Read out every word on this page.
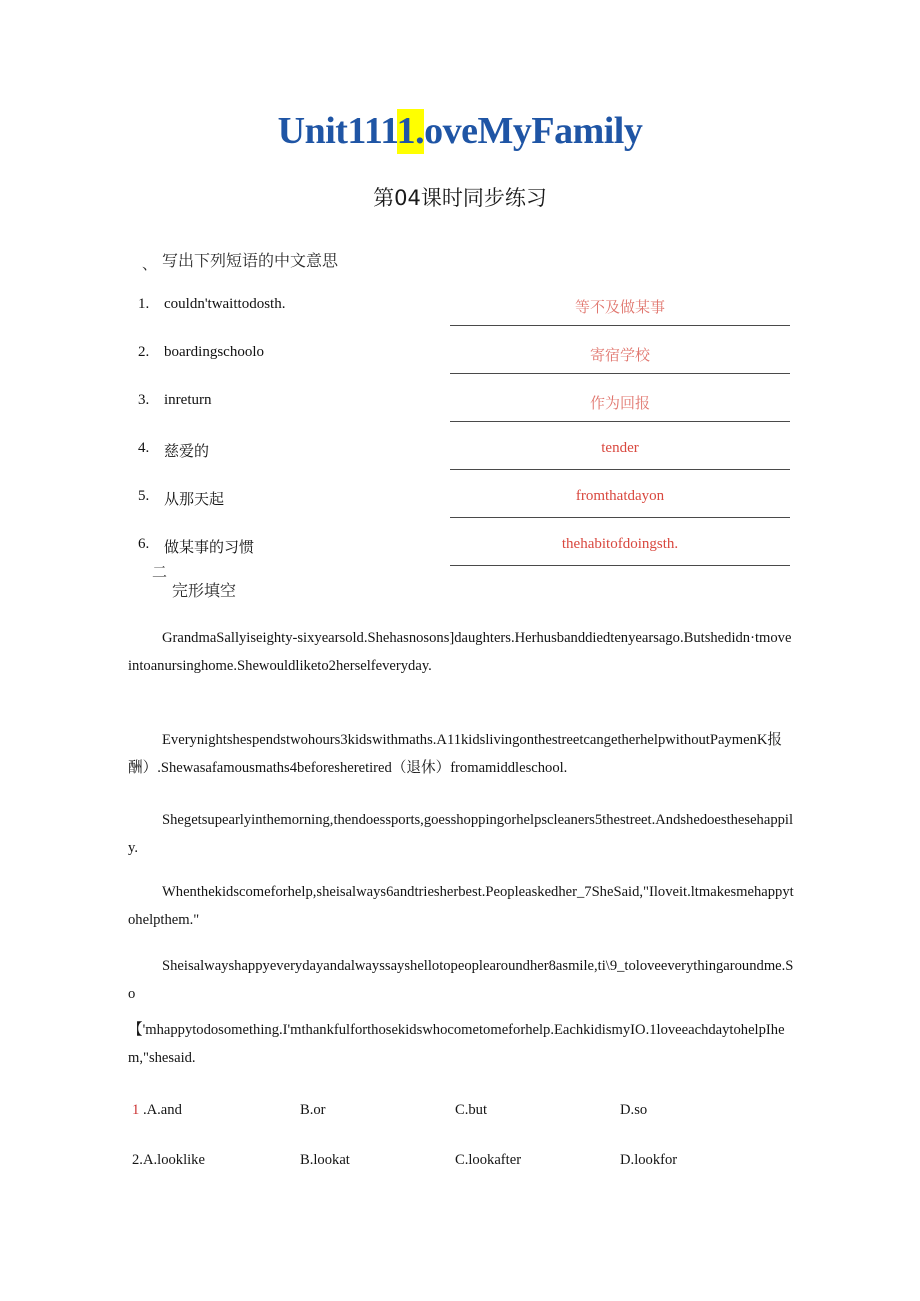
Unit1111.oveMyFamily
第04课时同步练习
、 写出下列短语的中文意思
1. couldn'twaittodosth.	等不及做某事
2. boardingschoolo	寄宿学校
3. inreturn	作为回报
4. 慈爱的	tender
5. 从那天起	fromthatdayon
6. 做某事的习惯	thehabitofdoingsth.
二
完形填空
GrandmaSallyiseighty-sixyearsold.Shehasnosons]daughters.Herhusbanddiedtenyearsago.Butshedidn·tmoveintoanursinghome.Shewouldliketo2herselfeveryday.
Everynightshespendstwohours3kidswithmaths.A11kidslivingonthestreetcangetherhelpwithoutPaymenK报酬）.Shewasafamousmaths4beforesheretired（退休）fromamiddleschool.
Shegetsupearlyinthemorning,thendoessports,goesshoppingorhelpscleaners5thestreet.Andshedoesthesehappily.
Whenthekidscomeforhelp,sheisalways6andtriesherbest.Peopleaskedher_7SheSaid,"Iloveit.ltmakesmehappytohelpthem."
Sheisalwayshappyeverydayandalwayssayshellotopeoplearoundher8asmile,ti\9_toloveeverythingaroundme.So
【'mhappytodosomething.I'mthankfulforthosekidswhocometomeforhelp.EachkidismyIO.1loveeachdaytohelpIhem,"shesaid.
1 .A.and	B.or	C.but	D.so
2.A.looklike	B.lookat	C.lookafter	D.lookfor
